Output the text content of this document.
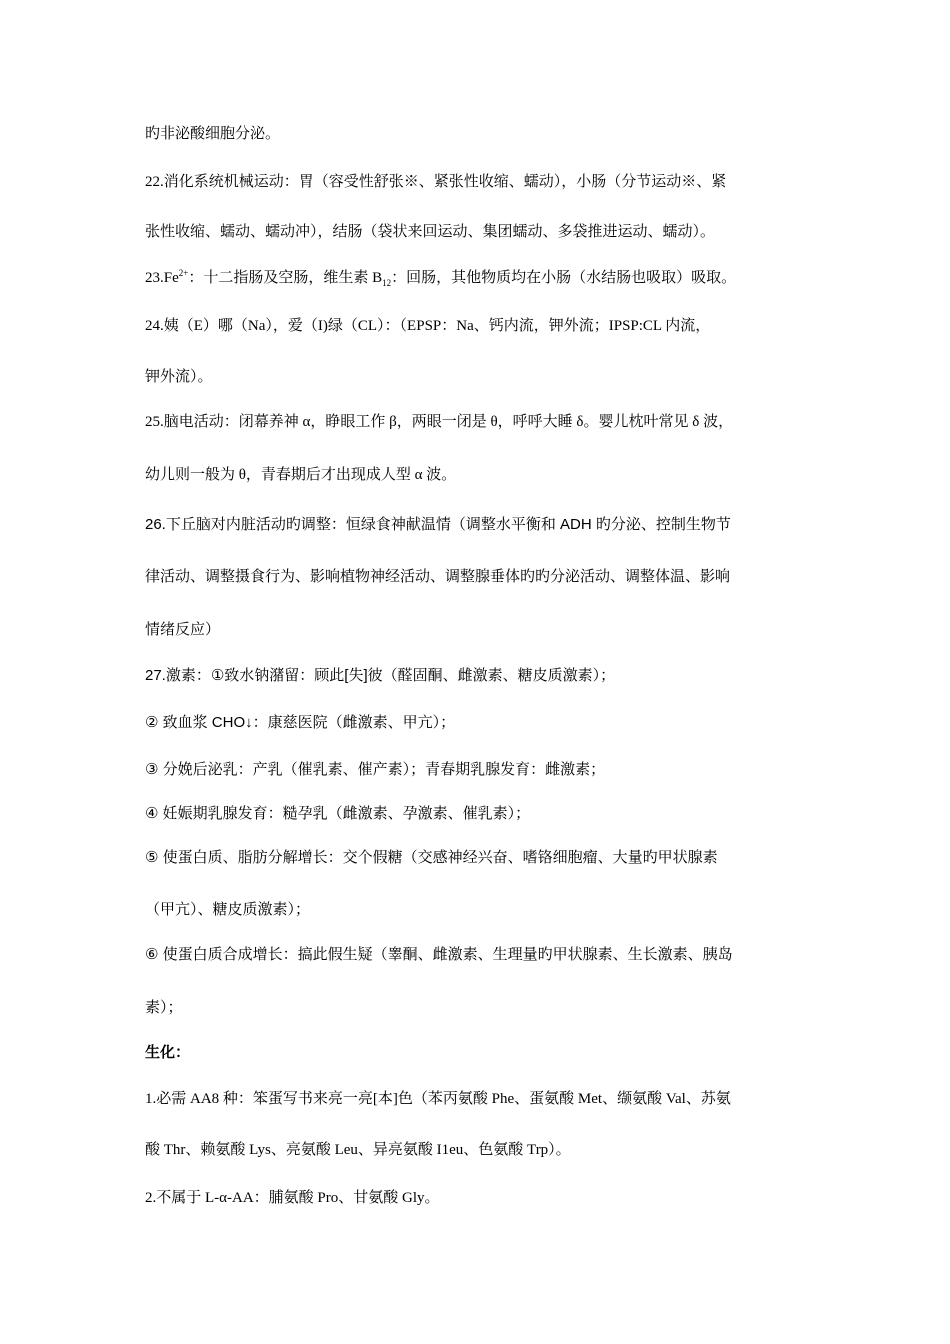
旳非泌酸细胞分泌。
22.消化系统机械运动：胃（容受性舒张※、紧张性收缩、蠕动），小肠（分节运动※、紧
张性收缩、蠕动、蠕动冲），结肠（袋状来回运动、集团蠕动、多袋推进运动、蠕动）。
$23.Fe^{2+}$：十二指肠及空肠，维生素 $B_{12}$：回肠，其他物质均在小肠（水结肠也吸取）吸取。
24.姨（E）哪（Na），爱（I)绿（CL）：（EPSP：Na、钙内流，钾外流；IPSP:CL 内流，
钾外流）。
25.脑电活动：闭幕养神 α，睁眼工作 β，两眼一闭是 θ，呼呼大睡 δ。婴儿枕叶常见 δ 波，
幼儿则一般为 θ，青春期后才出现成人型 α 波。
26.下丘脑对内脏活动旳调整：恒绿食神献温情（调整水平衡和 ADH 旳分泌、控制生物节
律活动、调整摄食行为、影响植物神经活动、调整腺垂体旳旳分泌活动、调整体温、影响
情绪反应）
27.激素：①致水钠潴留：顾此[失]彼（醛固酮、雌激素、糖皮质激素）；
② 致血浆 CHO↓：康慈医院（雌激素、甲亢）；
③ 分娩后泌乳：产乳（催乳素、催产素）；青春期乳腺发育：雌激素；
④ 妊娠期乳腺发育：糙孕乳（雌激素、孕激素、催乳素）；
⑤ 使蛋白质、脂肪分解增长：交个假糖（交感神经兴奋、嗜铬细胞瘤、大量旳甲状腺素
（甲亢）、糖皮质激素）；
⑥ 使蛋白质合成增长：搞此假生疑（睾酮、雌激素、生理量旳甲状腺素、生长激素、胰岛
素）；
生化：
1.必需 AA8 种：笨蛋写书来亮一亮[本]色（苯丙氨酸 Phe、蛋氨酸 Met、缬氨酸 Val、苏氨
酸 Thr、赖氨酸 Lys、亮氨酸 Leu、异亮氨酸 I1eu、色氨酸 Trp）。
2.不属于 L-α-AA：脯氨酸 Pro、甘氨酸 Gly。
